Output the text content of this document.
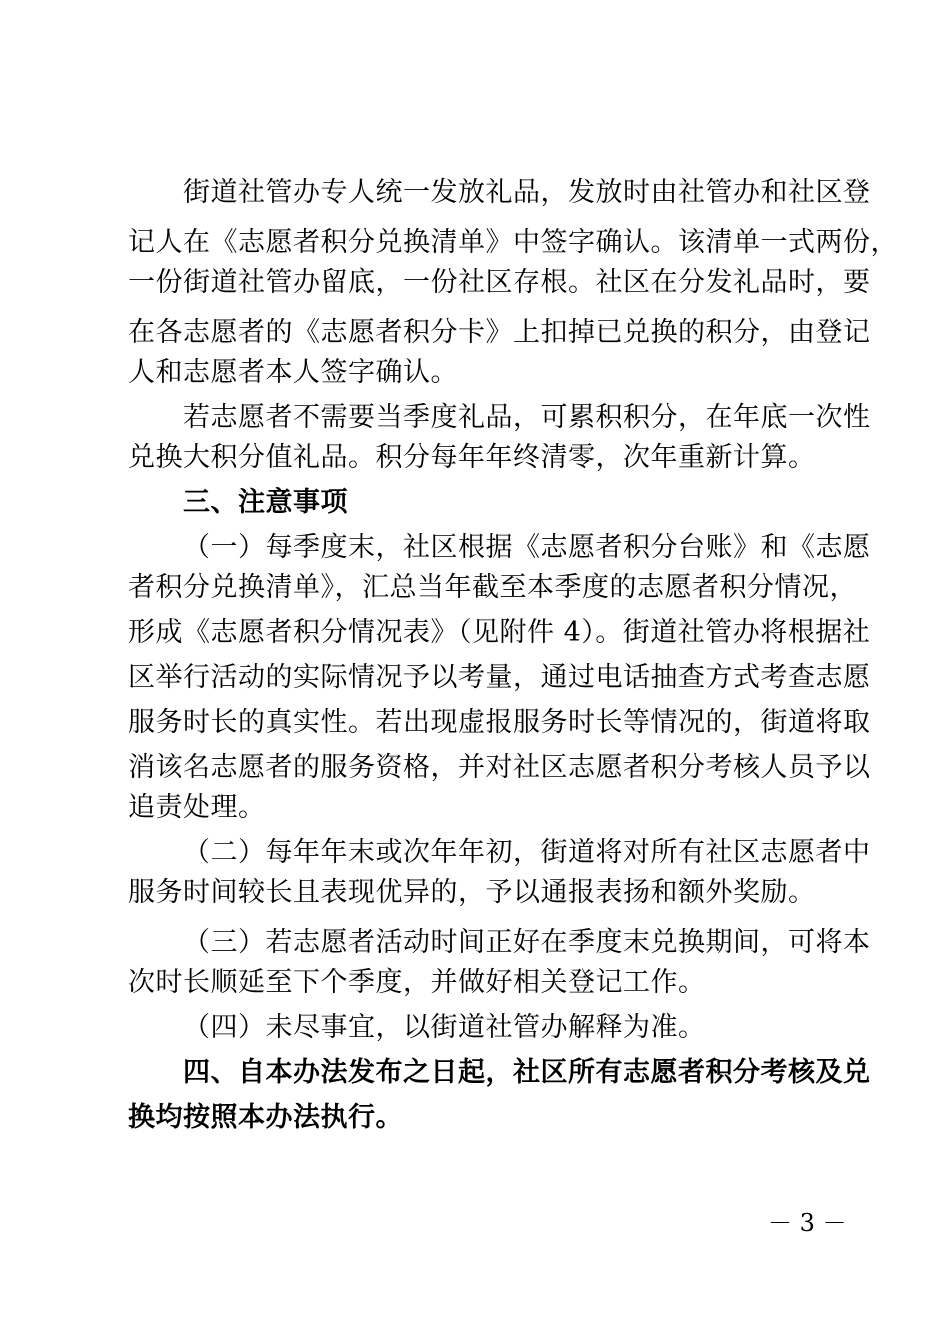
街道社管办专人统一发放礼品，发放时由社管办和社区登
记人在《志愿者积分兑换清单》中签字确认。该清单一式两份，
一份街道社管办留底，一份社区存根。社区在分发礼品时，要
在各志愿者的《志愿者积分卡》上扣掉已兑换的积分，由登记
人和志愿者本人签字确认。
若志愿者不需要当季度礼品，可累积积分，在年底一次性
兑换大积分值礼品。积分每年年终清零，次年重新计算。
三、注意事项
（一）每季度末，社区根据《志愿者积分台账》和《志愿
者积分兑换清单》，汇总当年截至本季度的志愿者积分情况，
形成《志愿者积分情况表》（见附件 4）。街道社管办将根据社
区举行活动的实际情况予以考量，通过电话抽查方式考查志愿
服务时长的真实性。若出现虚报服务时长等情况的，街道将取
消该名志愿者的服务资格，并对社区志愿者积分考核人员予以
追责处理。
（二）每年年末或次年年初，街道将对所有社区志愿者中
服务时间较长且表现优异的，予以通报表扬和额外奖励。
（三）若志愿者活动时间正好在季度末兑换期间，可将本
次时长顺延至下个季度，并做好相关登记工作。
（四）未尽事宜，以街道社管办解释为准。
四、自本办法发布之日起，社区所有志愿者积分考核及兑
换均按照本办法执行。
－ 3 －
